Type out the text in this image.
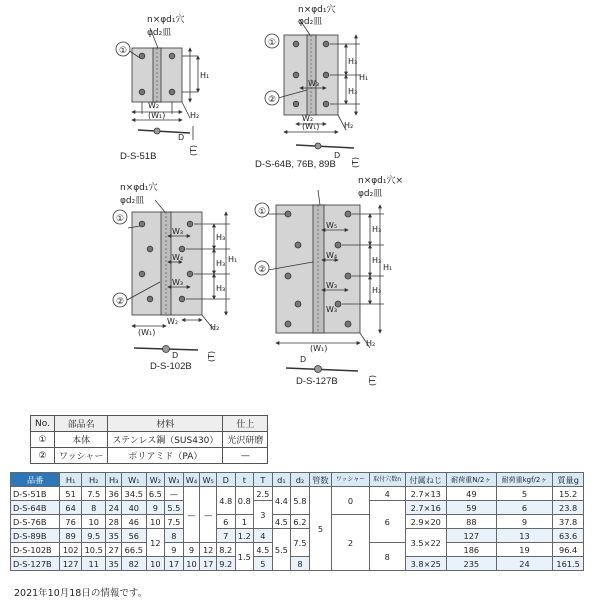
n×φd₁穴
φd₂皿
①
H₁
W₂
(W₁)	H₂
D
(T)
D-S-51B
n×φd₁穴
φd₂皿
①
②
H₃
H₃
H₁
W₃
W₂
(W₁)	H₂
D
(T)
D-S-64B, 76B, 89B
n×φd₁穴
φd₂皿
①
②
H₃
H₃
H₃
H₁
W₃
W₄
W₃
(W₁)
W₂
H₂
D	(T)
D-S-102B
n×φd₁穴×
φd₂皿
①
②
H₃
H₃
H₃
H₁
W₅
W₄
W₃
W₃
(W₁)
H₂
D
(T)
D-S-127B
No.	部品名	材料	仕上
①	本体	ステンレス鋼（SUS430）	光沢研磨
②	ワッシャー	ポリアミド（PA）	—
品番	H₁	H₂	H₃	W₁	W₂	W₃	W₄	W₅	D	t	T	d₁	d₂	管数	ワッシャー	取付穴数n	付属ねじ	耐荷重N/2ヶ	耐荷重kgf/2ヶ	質量g
D-S-51B	51	7.5	36	34.5	6.5	—	—	—	4.8	0.8	2.5	4.4	5.8	5	0	4	2.7×13	49	5	15.2
D-S-64B	64	8	24	40	9	5.5					3					6	2.7×16	59	6	23.8
D-S-76B	76	10	28	46	10	7.5			6	1		4.5	6.2		2		2.9×20	88	9	37.8
D-S-89B	89	9.5	35	56	12	8			7	1.2	4	5.5	7.5				3.5×22	127	13	63.6
D-S-102B	102	10.5	27	66.5		9	9	12	8.2	1.5	4.5					8		186	19	96.4
D-S-127B	127	11	35	82	10	17	10	17	9.2		5		8				3.8×25	235	24	161.5
2021年10月18日の情報です。
